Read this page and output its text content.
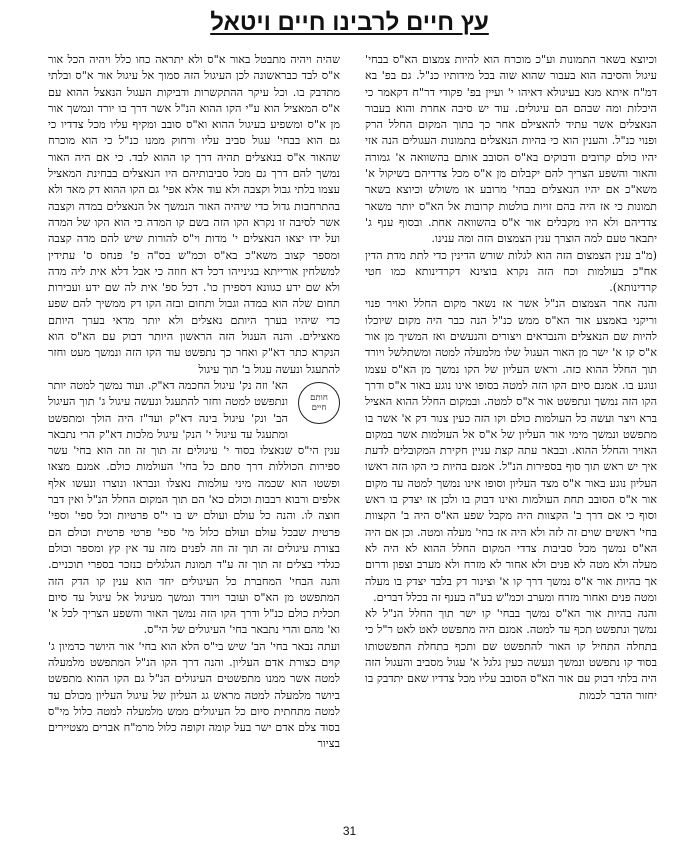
עץ חיים לרבינו חיים ויטאל

וכיוצא בשאר התמונות וע"כ מוכרח הוא להיות צמצום הא"ס בבחי' עיגול והסיבה הוא בעבור שהוא שוה בכל מידותיו כנ"ל. גם בפ' בא דמ"ח איתא מנא בעיגולא דאיהו י' ועיין בפ' פקודי דר"ח דקאמר כי היכלות ומה שבהם הם עיגולים. עוד יש סיבה אחרת והוא בעבור הנאצלים אשר עתיד להאצילם אחר כך בתוך המקום החלל הרק ופנוי כנ"ל. והענין הוא כי בהיות הנאצלים בתמונות העגולים הנה אזי יהיו כולם קרובים ודבוקים בא"ס הסובב אותם בהשוואה א' גמורה והאור והשפע הצריך להם יקבלום מן א"ס מכל צדדיהם בשיקול א' משא"כ אם יהיו הנאצלים בבחי' מרובע או משולש וכיוצא בשאר תמונות כי אז היה בהם זויות בולטות קרובות אל הא"ס יותר משאר צדדיהם ולא היו מקבלים אור א"ס בהשוואה אחת. ובסוף ענף ג' יתבאר טעם למה הוצרך ענין הצמצום הזה ומה ענינו.

(מ"ב ענין הצמצום הזה הוא לגלות שורש הדינין כדי לתת מדת הדין אח"כ בעולמות וכח הזה נקרא בוצינא דקרדינותא כמו חטי קרדינותא).

והנה אחר הצמצום הנ"ל אשר אז נשאר מקום החלל ואויר פנוי וריקני באמצע אור הא"ס ממש כנ"ל הנה כבר היה מקום שיוכלו להיות שם הנאצלים והנבראים ויצורים והנעשים ואז המשיך מן אור א"ס קו א' ישר מן האור העגול שלו מלמעלה למטה ומשתלשל ויורד תוך החלל ההוא כזה. וראש העליון של הקו נמשך מן הא"ס עצמו ונוגע בו. אמנם סיום הקו הזה למטה בסופו אינו נוגע באור א"ס ודרך הקו הזה נמשך ונתפשט אור א"ס למטה. ובמקום החלל ההוא האציל ברא ויצר ועשה כל העולמות כולם וקו הזה כעין צנור דק א' אשר בו מתפשט ונמשך מימי אור העליון של א"ס אל העולמות אשר במקום האויר והחלל ההוא. ובבאר עתה קצת עניין חקירת המקובלים לדעת איך יש ראש תוך סוף בספירות הנ"ל. אמנם בהיות כי הקו הזה ראשו העליון נוגע באור א"ס מצד העליון וסופו אינו נמשך למטה עד מקום אור א"ס הסובב תחת העולמות ואינו דבוק בו ולכן אז יצדק בו ראש וסוף כי אם דרך ב' הקצוות היה מקבל שפע הא"ס היה ב' הקצוות בחי' ראשים שוים זה לזה ולא היה אז בחי' מעלה ומטה. וכן אם היה הא"ס נמשך מכל סביבות צדדי המקום החלל ההוא לא היה לא מעלה ולא מטה לא פנים ולא אחור לא מזרח ולא מערב וצפון ודרום אך בהיות אור א"ס נמשך דרך קו א' וצינור דק בלבד יצדק בו מעלה ומטה פנים ואחור מזרח ומערב וכמ"ש בע"ה בענף זה בכלל דברים.

והנה בהיות אור הא"ס נמשך בבחי' קו ישר תוך החלל הנ"ל לא נמשך ונתפשט תכף עד למטה. אמנם היה מתפשט לאט לאט ר"ל כי בתחלה התחיל קו האור להתפשט שם ותכף בתחלת התפשטותו בסוד קו נתפשט ונמשך ונעשה כעין גלגל א' עגול מסביב והעגול הזה היה בלתי דבוק עם אור הא"ס הסובב עליו מכל צדדיו שאם יתדבק בו יחזור הדבר לכמות

שהיה ויהיה מתבטל באור א"ס ולא יתראה כחו כלל ויהיה הכל אור א"ס לבד כבראשונה לכן העיגול הזה סמוך אל עיגול אור א"ס ובלתי מתדבק בו. וכל עיקר ההתקשרות ודביקות העגול הנאצל ההוא עם א"ס המאציל הוא ע"י הקו ההוא הנ"ל אשר דרך בו יורד ונמשך אור מן א"ס ומשפיע בעיגול ההוא וא"ס סובב ומקיף עליו מכל צדדיו כי גם הוא בבחי' עגול סביב עליו ורחוק ממנו כנ"ל כי הוא מוכרח שהאור א"ס בנאצלים תהיה דרך קו ההוא לבד. כי אם היה האור נמשך להם דרך גם מכל סביבותיהם היו הנאצלים בבחינת המאציל עצמו בלתי גבול וקצבה ולא עוד אלא אפי' גם הקו ההוא דק מאד ולא בהתרחבות גדול כדי שיהיה האור הנמשך אל הנאצלים במדה וקצבה אשר לסיבה זו נקרא הקו הזה בשם קו המדה כי הוא הקו של המדה ועל ידו יצאו הנאצלים י' מדות וי"ס להורות שיש להם מדה קצבה ומספר קצוב משא"כ בא"ס וכמ"ש בס"ה פ' פנחס ס' עתידין למשלחין אורייתא בגינייהו דכל דא חוזה כי אבל דלא אית ליה מדה ולא שם ידע כגוונא דספירן כו'. דכל ספ' אית לה שם ידע ועבירות תחום שלה הוא במדה וגבול ותחום ובזה הקו דק ממשיך להם שפע כדי שיהיו בערך היותם נאצלים ולא יותר מדאי בערך היותם מאצילים. והנה העגול הזה הראשון היותר דבוק עם הא"ס הוא הנקרא כתר דא"ק ואחר כך נתפשט עוד הקו הזה ונמשך מעט וחזר להתעגל ונעשה עגול ב' תוך עיגול

חותם
חיים

הא' וזה נק' עיגול החכמה דא"ק. ועוד נמשך למטה יותר ונתפשט למטה וחזר להתעגל ונעשה עיגול ג' תוך העיגול הב' ונק' עיגול בינה דא"ק ועד"ז היה הולך ומתפשט ומתעגל עד עיגול י' הנק' עיגול מלכות דא"ק הרי נתבאר ענין הי"ס שנאצלו בסוד י' עיגולים זה תוך זה וזה הוא בחי' עשר ספירות הכוללות דרך סתם כל בחי' העולמות כולם. אמנם מצאו ופשטו הוא שכמה מיני עולמות נאצלו ונבראו ונוצרו ונעשו אלף אלפים ורבוא רבבות וכולם כא' הם תוך המקום החלל הנ"ל ואין דבר חוצה לו. והנה כל עולם ועולם יש בו י"ס פרטיות וכל ספי' וספי' פרטית שבכל עולם ועולם כלול מי' ספי' פרטי פרטית וכולם הם בצורת עיגולים זה תוך זה וזה לפנים מזה עד אין קץ ומספר וכולם כגלדי בצלים זה תוך זה ע"ד תמונת הגלגלים כנזכר בספרי תוכניים. והנה הבחי' המחברת כל העיגולים יחד הוא ענין קו הדק הזה המתפשט מן הא"ס ועובר ויורד ונמשך מעיגול אל עיגול עד סיום תכלית כולם כנ"ל ודרך הקו הזה נמשך האור והשפע הצריך לכל א' וא' מהם והרי נתבאר בחי' העיגולים של הי"ס.

ועתה נבאר בחי' הב' שיש בי"ס הלא הוא בחי' אור היושר כדמיון ג' קוים כצורת אדם העליון. והנה דרך הקו הנ"ל המתפשט מלמעלה למטה אשר ממנו מתפשטים העיגולים הנ"ל גם הקו ההוא מתפשט ביושר מלמעלה למטה מראש גג העליון של עיגול העליון מכולם עד למטה מתחתית סיום כל העיגולים ממש מלמעלה למטה כלול מי"ס בסוד צלם אדם ישר בעל קומה זקופה כלול מרמ"ח אברים מצטיירים בציור

31
